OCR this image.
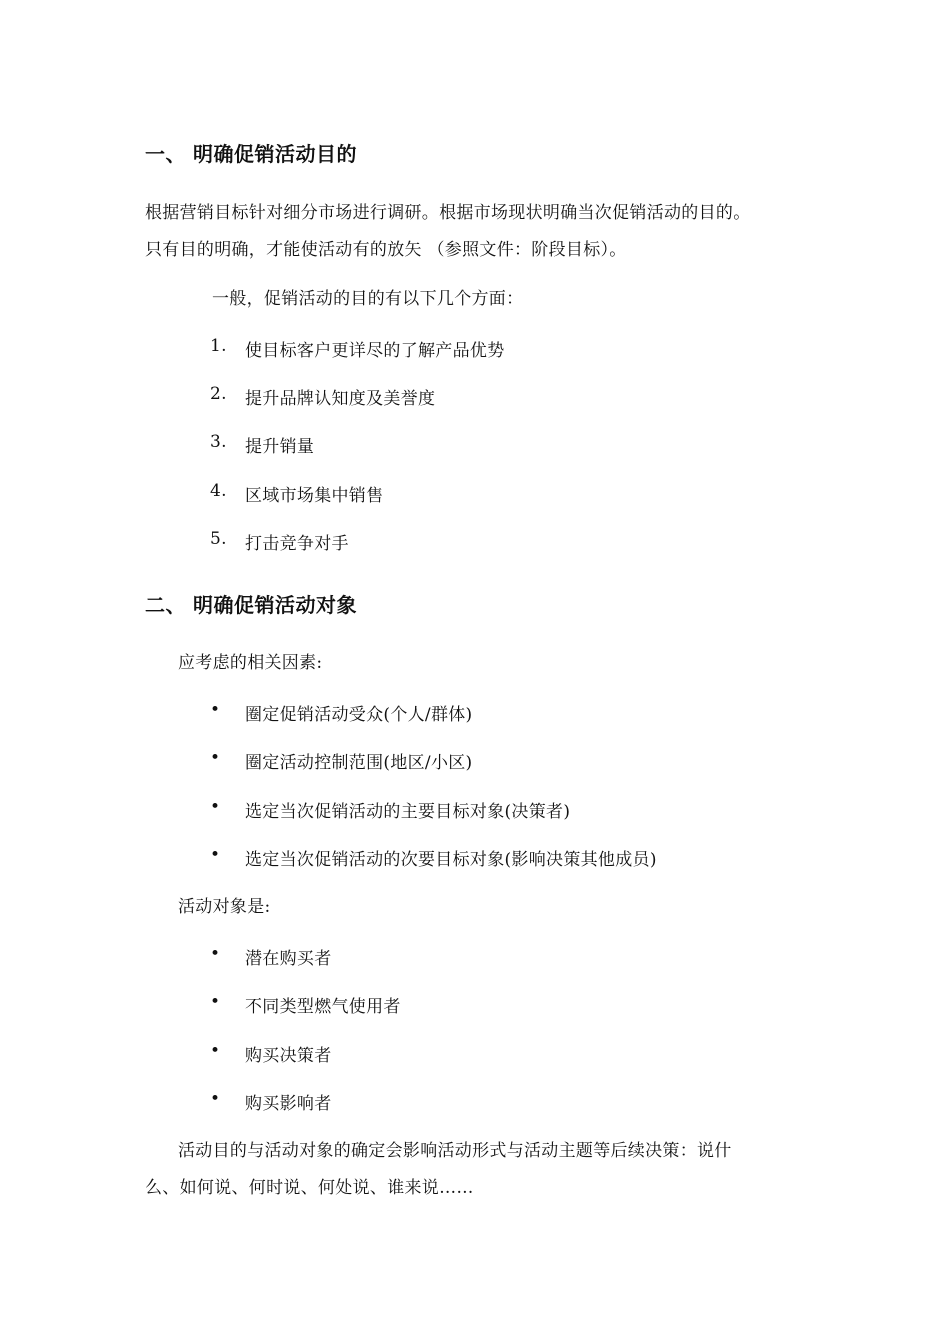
一、 明确促销活动目的
根据营销目标针对细分市场进行调研。根据市场现状明确当次促销活动的目的。
只有目的明确，才能使活动有的放矢 （参照文件：阶段目标）。
一般，促销活动的目的有以下几个方面：
1. 使目标客户更详尽的了解产品优势
2. 提升品牌认知度及美誉度
3. 提升销量
4. 区域市场集中销售
5. 打击竞争对手
二、 明确促销活动对象
应考虑的相关因素:
• 圈定促销活动受众(个人/群体)
• 圈定活动控制范围(地区/小区)
• 选定当次促销活动的主要目标对象(决策者)
• 选定当次促销活动的次要目标对象(影响决策其他成员)
活动对象是:
• 潜在购买者
• 不同类型燃气使用者
• 购买决策者
• 购买影响者
活动目的与活动对象的确定会影响活动形式与活动主题等后续决策：说什
么、如何说、何时说、何处说、谁来说……
